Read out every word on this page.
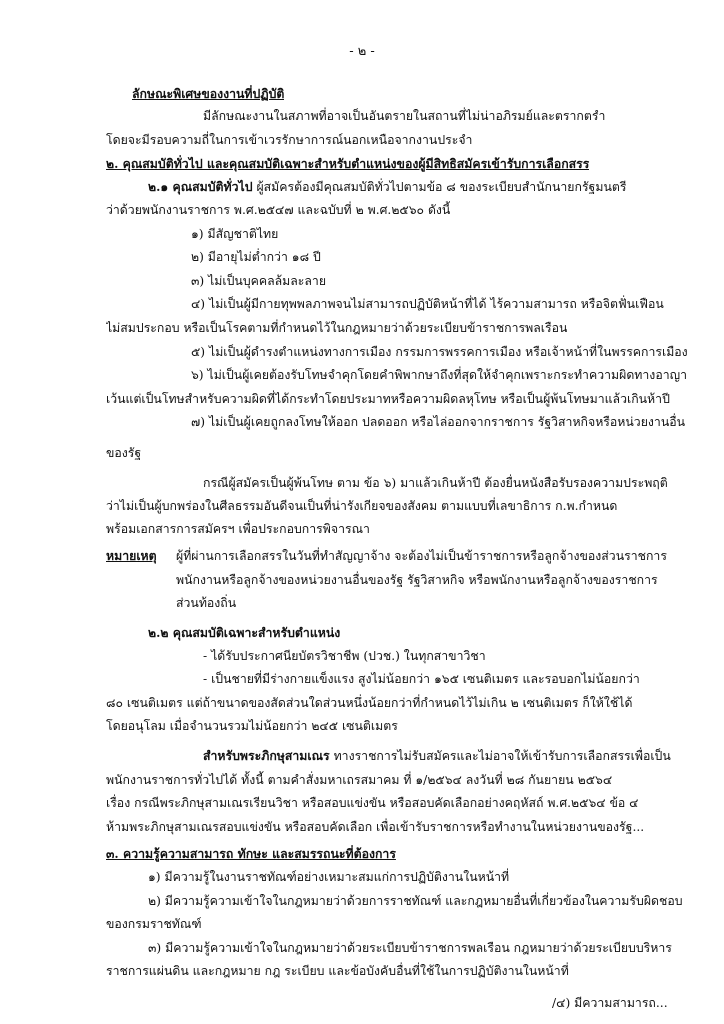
- ๒ -
ลักษณะพิเศษของงานที่ปฏิบัติ
มีลักษณะงานในสภาพที่อาจเป็นอันตรายในสถานที่ไม่น่าอภิรมย์และตรากตรำ
โดยจะมีรอบความถี่ในการเข้าเวรรักษาการณ์นอกเหนือจากงานประจำ
๒. คุณสมบัติทั่วไป และคุณสมบัติเฉพาะสำหรับตำแหน่งของผู้มีสิทธิสมัครเข้ารับการเลือกสรร
๒.๑ คุณสมบัติทั่วไป ผู้สมัครต้องมีคุณสมบัติทั่วไปตามข้อ ๘ ของระเบียบสำนักนายกรัฐมนตรี
ว่าด้วยพนักงานราชการ พ.ศ.๒๕๔๗ และฉบับที่ ๒ พ.ศ.๒๕๖๐ ดังนี้
๑) มีสัญชาติไทย
๒) มีอายุไม่ต่ำกว่า ๑๘ ปี
๓) ไม่เป็นบุคคลล้มละลาย
๔) ไม่เป็นผู้มีกายทุพพลภาพจนไม่สามารถปฏิบัติหน้าที่ได้ ไร้ความสามารถ หรือจิตฟั่นเฟือน
ไม่สมประกอบ หรือเป็นโรคตามที่กำหนดไว้ในกฎหมายว่าด้วยระเบียบข้าราชการพลเรือน
๕) ไม่เป็นผู้ดำรงตำแหน่งทางการเมือง กรรมการพรรคการเมือง หรือเจ้าหน้าที่ในพรรคการเมือง
๖) ไม่เป็นผู้เคยต้องรับโทษจำคุกโดยคำพิพากษาถึงที่สุดให้จำคุกเพราะกระทำความผิดทางอาญา
เว้นแต่เป็นโทษสำหรับความผิดที่ได้กระทำโดยประมาทหรือความผิดลหุโทษ หรือเป็นผู้พ้นโทษมาแล้วเกินห้าปี
๗) ไม่เป็นผู้เคยถูกลงโทษให้ออก ปลดออก หรือไล่ออกจากราชการ รัฐวิสาหกิจหรือหน่วยงานอื่น
ของรัฐ
กรณีผู้สมัครเป็นผู้พ้นโทษ ตาม ข้อ ๖) มาแล้วเกินห้าปี ต้องยื่นหนังสือรับรองความประพฤติ
ว่าไม่เป็นผู้บกพร่องในศีลธรรมอันดีจนเป็นที่น่ารังเกียจของสังคม ตามแบบที่เลขาธิการ ก.พ.กำหนด
พร้อมเอกสารการสมัครฯ เพื่อประกอบการพิจารณา
หมายเหตุ ผู้ที่ผ่านการเลือกสรรในวันที่ทำสัญญาจ้าง จะต้องไม่เป็นข้าราชการหรือลูกจ้างของส่วนราชการ
พนักงานหรือลูกจ้างของหน่วยงานอื่นของรัฐ รัฐวิสาหกิจ หรือพนักงานหรือลูกจ้างของราชการ
ส่วนท้องถิ่น
๒.๒ คุณสมบัติเฉพาะสำหรับตำแหน่ง
- ได้รับประกาศนียบัตรวิชาชีพ (ปวช.) ในทุกสาขาวิชา
- เป็นชายที่มีร่างกายแข็งแรง สูงไม่น้อยกว่า ๑๖๕ เซนติเมตร และรอบอกไม่น้อยกว่า
๘๐ เซนติเมตร แต่ถ้าขนาดของสัดส่วนใดส่วนหนึ่งน้อยกว่าที่กำหนดไว้ไม่เกิน ๒ เซนติเมตร ก็ให้ใช้ได้
โดยอนุโลม เมื่อจำนวนรวมไม่น้อยกว่า ๒๔๕ เซนติเมตร
สำหรับพระภิกษุสามเณร ทางราชการไม่รับสมัครและไม่อาจให้เข้ารับการเลือกสรรเพื่อเป็น
พนักงานราชการทั่วไปได้ ทั้งนี้ ตามคำสั่งมหาเถรสมาคม ที่ ๑/๒๕๖๔ ลงวันที่ ๒๘ กันยายน ๒๕๖๔
เรื่อง กรณีพระภิกษุสามเณรเรียนวิชา หรือสอบแข่งขัน หรือสอบคัดเลือกอย่างคฤหัสถ์ พ.ศ.๒๕๖๔ ข้อ ๔
ห้ามพระภิกษุสามเณรสอบแข่งขัน หรือสอบคัดเลือก เพื่อเข้ารับราชการหรือทำงานในหน่วยงานของรัฐ...
๓. ความรู้ความสามารถ ทักษะ และสมรรถนะที่ต้องการ
๑) มีความรู้ในงานราชทัณฑ์อย่างเหมาะสมแก่การปฏิบัติงานในหน้าที่
๒) มีความรู้ความเข้าใจในกฎหมายว่าด้วยการราชทัณฑ์ และกฎหมายอื่นที่เกี่ยวข้องในความรับผิดชอบ
ของกรมราชทัณฑ์
๓) มีความรู้ความเข้าใจในกฎหมายว่าด้วยระเบียบข้าราชการพลเรือน กฎหมายว่าด้วยระเบียบบริหาร
ราชการแผ่นดิน และกฎหมาย กฎ ระเบียบ และข้อบังคับอื่นที่ใช้ในการปฏิบัติงานในหน้าที่
/๔) มีความสามารถ...
